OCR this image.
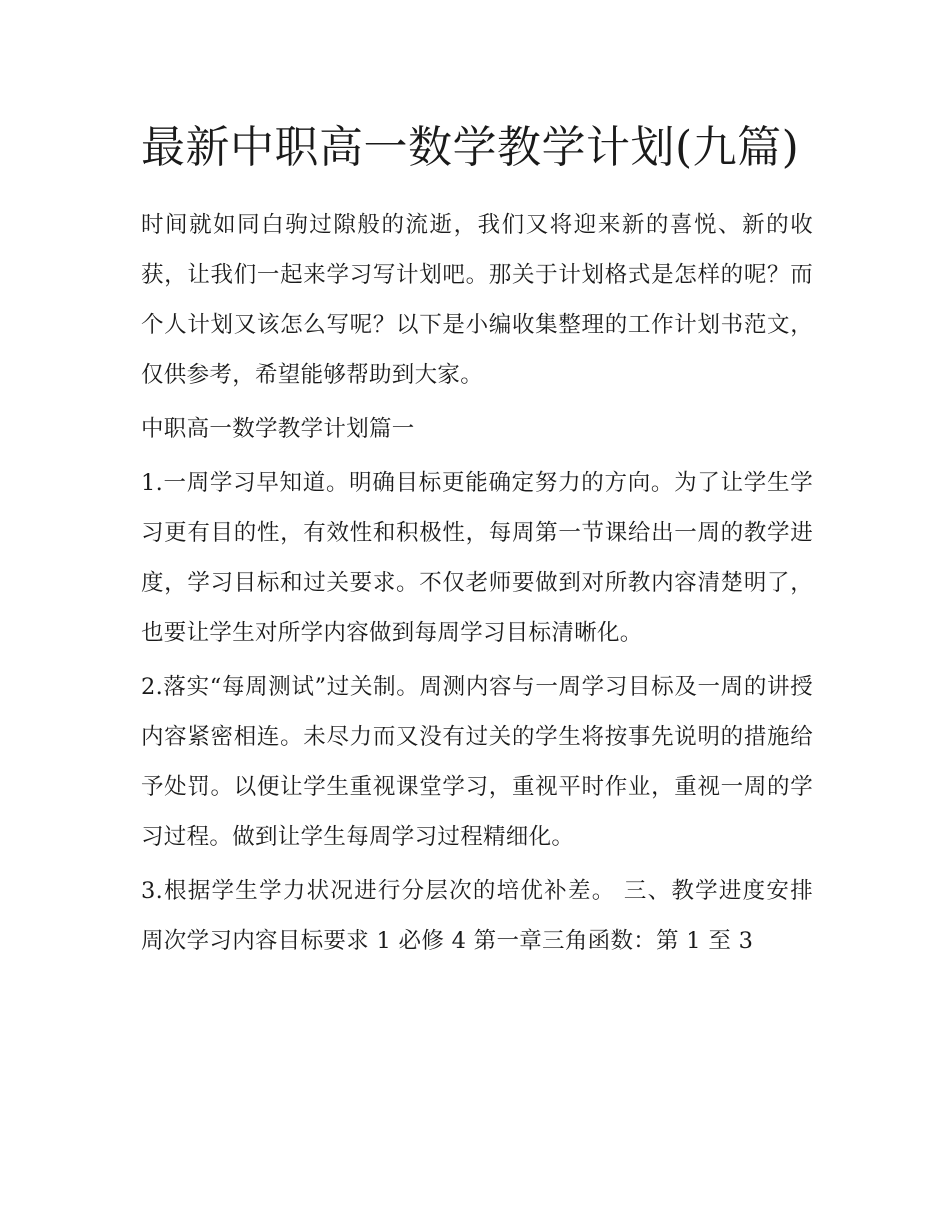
最新中职高一数学教学计划(九篇)

时间就如同白驹过隙般的流逝，我们又将迎来新的喜悦、新的收获，让我们一起来学习写计划吧。那关于计划格式是怎样的呢？而个人计划又该怎么写呢？以下是小编收集整理的工作计划书范文，仅供参考，希望能够帮助到大家。

中职高一数学教学计划篇一

1.一周学习早知道。明确目标更能确定努力的方向。为了让学生学习更有目的性，有效性和积极性，每周第一节课给出一周的教学进度，学习目标和过关要求。不仅老师要做到对所教内容清楚明了，也要让学生对所学内容做到每周学习目标清晰化。

2.落实“每周测试”过关制。周测内容与一周学习目标及一周的讲授内容紧密相连。未尽力而又没有过关的学生将按事先说明的措施给予处罚。以便让学生重视课堂学习，重视平时作业，重视一周的学习过程。做到让学生每周学习过程精细化。

3.根据学生学力状况进行分层次的培优补差。 三、教学进度安排 周次学习内容目标要求 1 必修 4 第一章三角函数：第 1 至 3
